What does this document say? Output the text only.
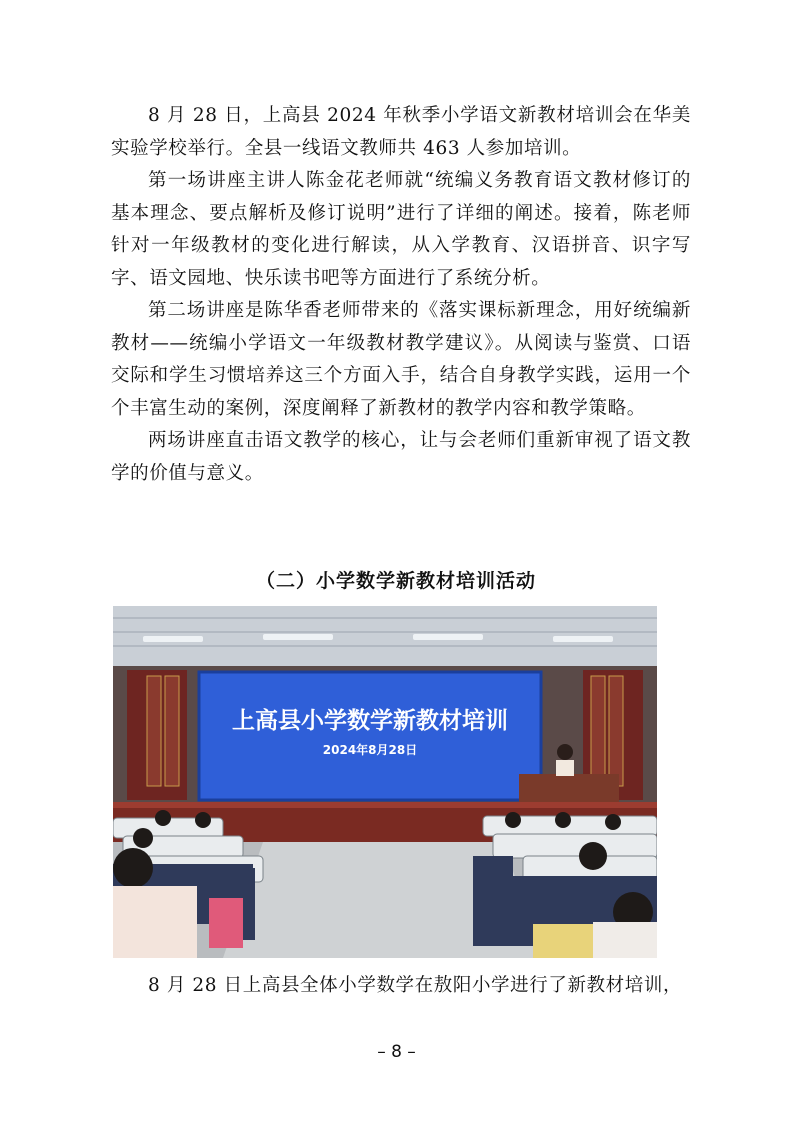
8 月 28 日，上高县 2024 年秋季小学语文新教材培训会在华美实验学校举行。全县一线语文教师共 463 人参加培训。

第一场讲座主讲人陈金花老师就“统编义务教育语文教材修订的基本理念、要点解析及修订说明”进行了详细的阐述。接着，陈老师针对一年级教材的变化进行解读，从入学教育、汉语拼音、识字写字、语文园地、快乐读书吧等方面进行了系统分析。

第二场讲座是陈华香老师带来的《落实课标新理念，用好统编新教材——统编小学语文一年级教材教学建议》。从阅读与鉴赏、口语交际和学生习惯培养这三个方面入手，结合自身教学实践，运用一个个丰富生动的案例，深度阐释了新教材的教学内容和教学策略。

两场讲座直击语文教学的核心，让与会老师们重新审视了语文教学的价值与意义。

（二）小学数学新教材培训活动
上高县小学数学新教材培训
2024年8月28日

8 月 28 日上高县全体小学数学在敖阳小学进行了新教材培训，

– 8 –
